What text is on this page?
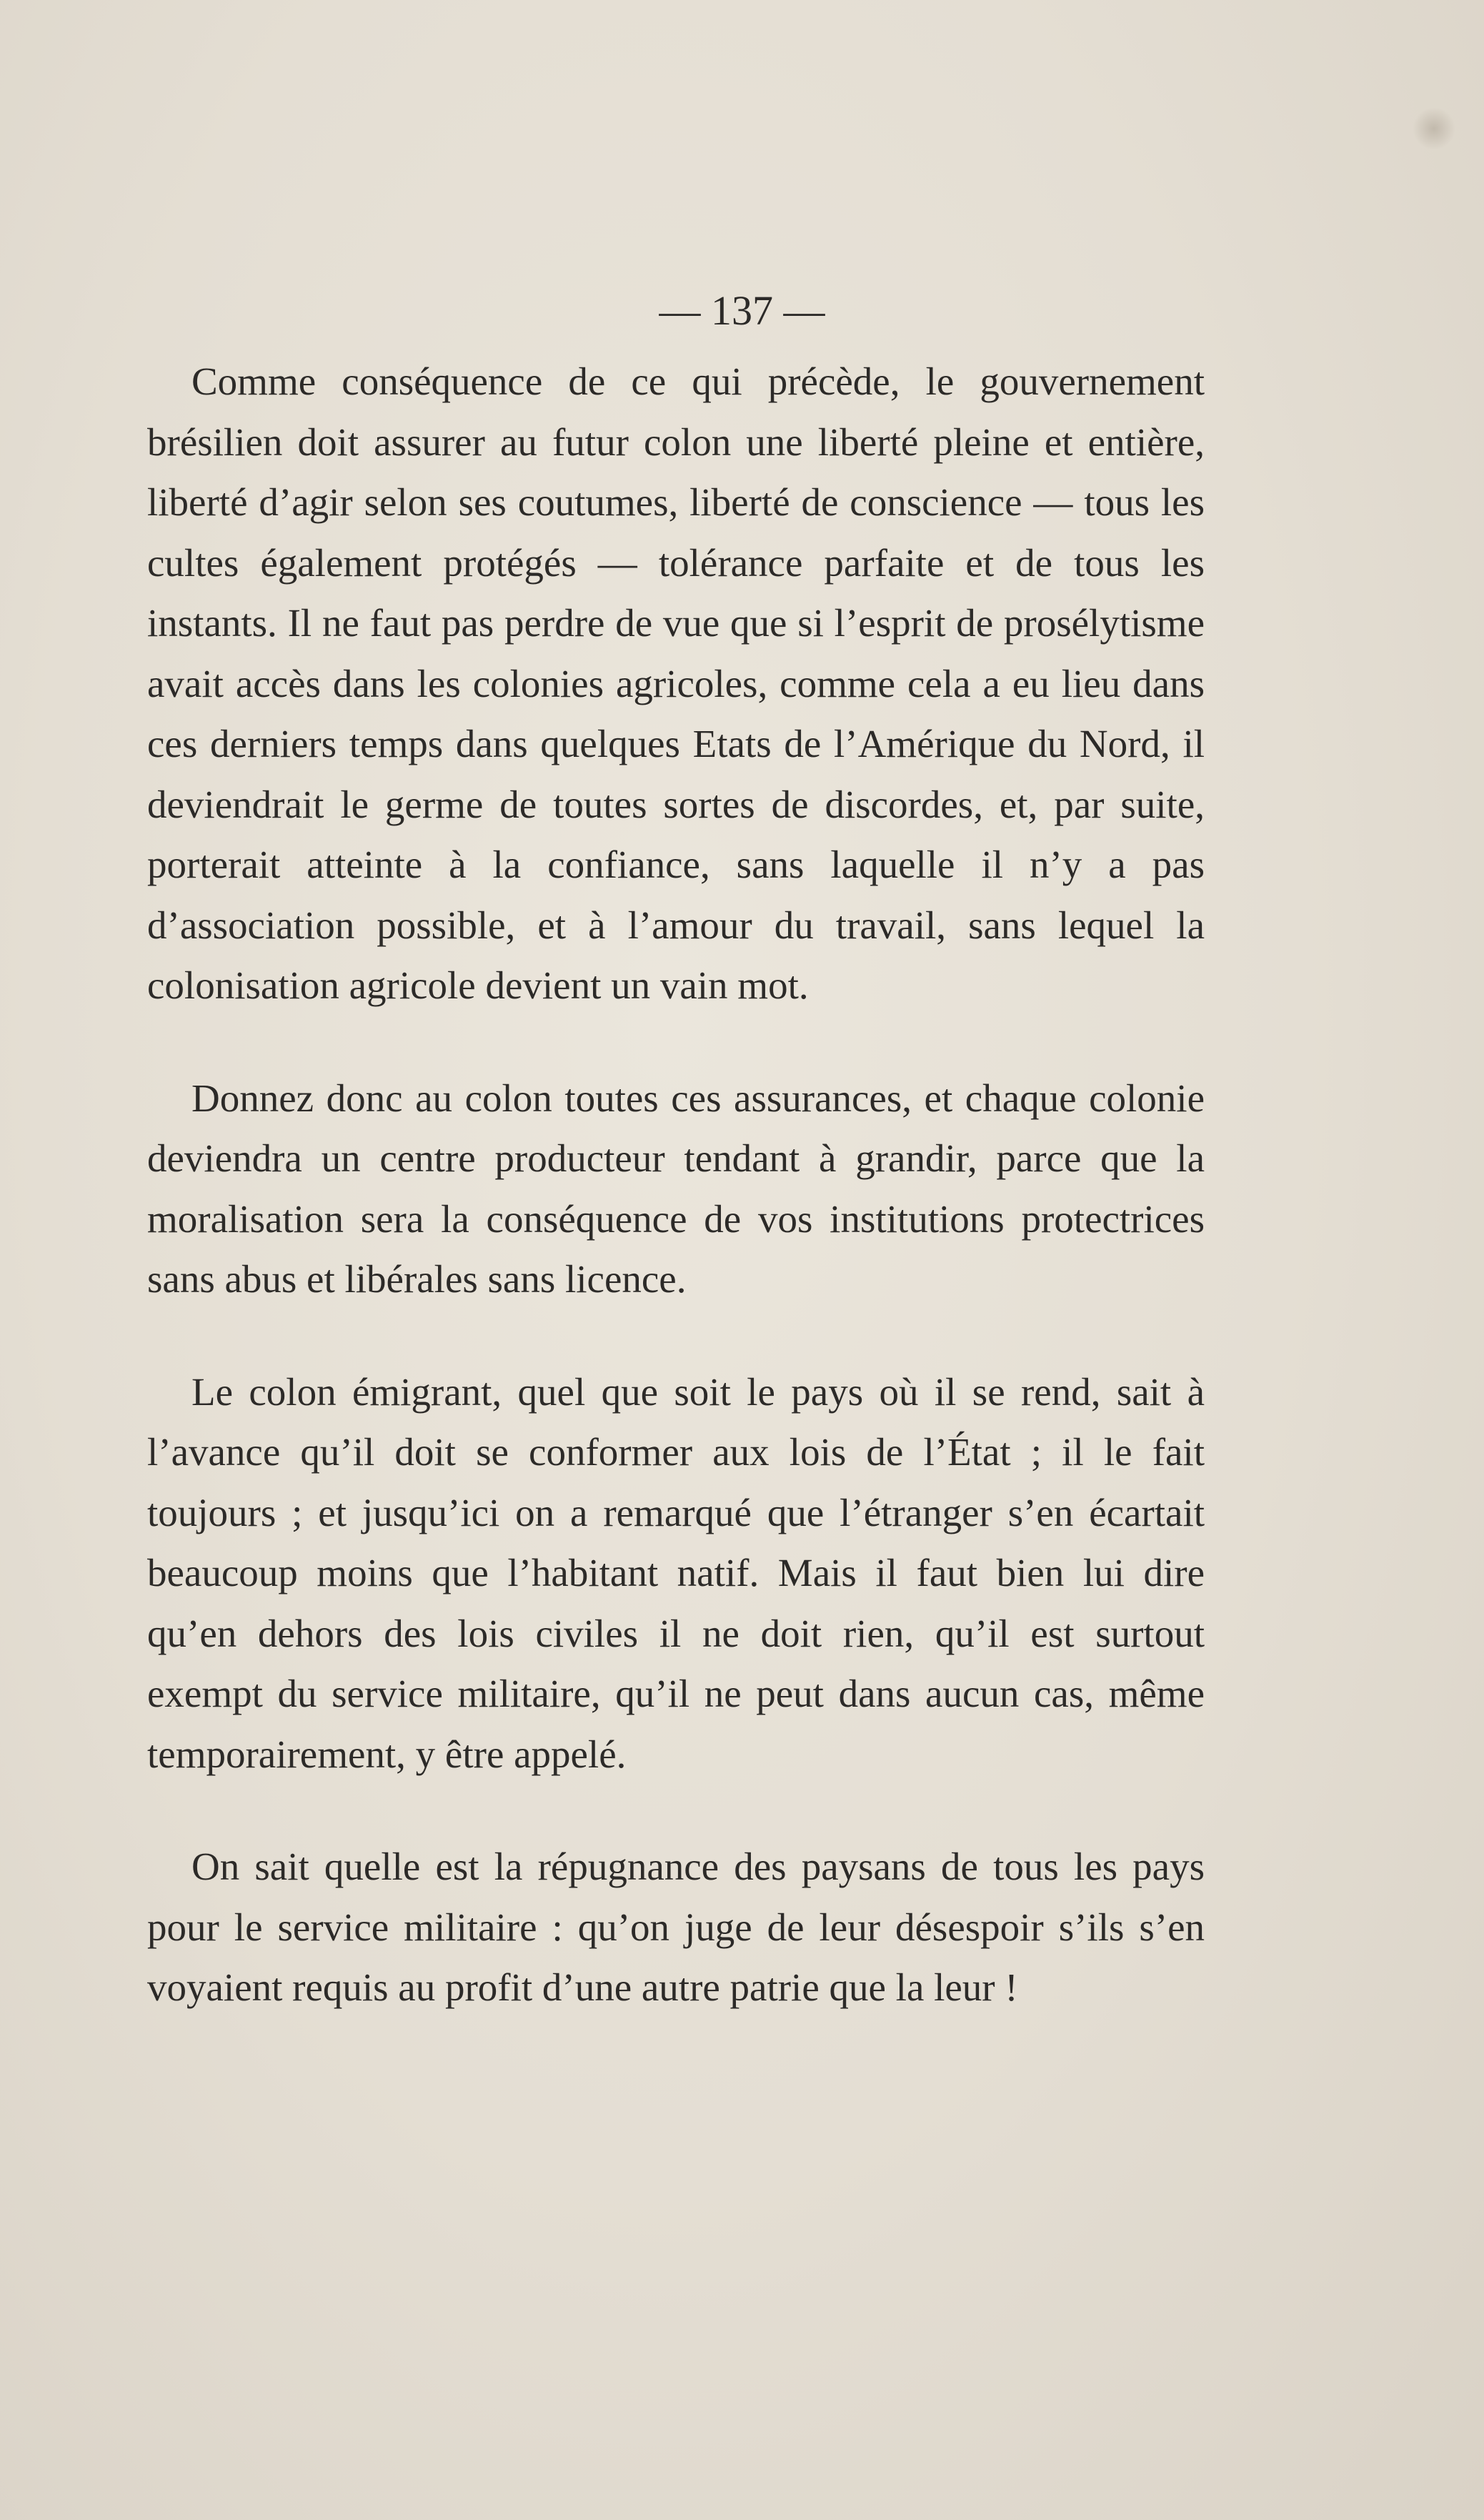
— 137 —

Comme conséquence de ce qui précède, le gouvernement brésilien doit assurer au futur colon une liberté pleine et entière, liberté d’agir selon ses coutumes, liberté de conscience — tous les cultes également protégés — tolérance parfaite et de tous les instants. Il ne faut pas perdre de vue que si l’esprit de prosélytisme avait accès dans les colonies agricoles, comme cela a eu lieu dans ces derniers temps dans quelques Etats de l’Amérique du Nord, il deviendrait le germe de toutes sortes de discordes, et, par suite, porterait atteinte à la confiance, sans laquelle il n’y a pas d’association possible, et à l’amour du travail, sans lequel la colonisation agricole devient un vain mot.

Donnez donc au colon toutes ces assurances, et chaque colonie deviendra un centre producteur tendant à grandir, parce que la moralisation sera la conséquence de vos institutions protectrices sans abus et libérales sans licence.

Le colon émigrant, quel que soit le pays où il se rend, sait à l’avance qu’il doit se conformer aux lois de l’État ; il le fait toujours ; et jusqu’ici on a remarqué que l’étranger s’en écartait beaucoup moins que l’habitant natif. Mais il faut bien lui dire qu’en dehors des lois civiles il ne doit rien, qu’il est surtout exempt du service militaire, qu’il ne peut dans aucun cas, même temporairement, y être appelé.

On sait quelle est la répugnance des paysans de tous les pays pour le service militaire : qu’on juge de leur désespoir s’ils s’en voyaient requis au profit d’une autre patrie que la leur !
